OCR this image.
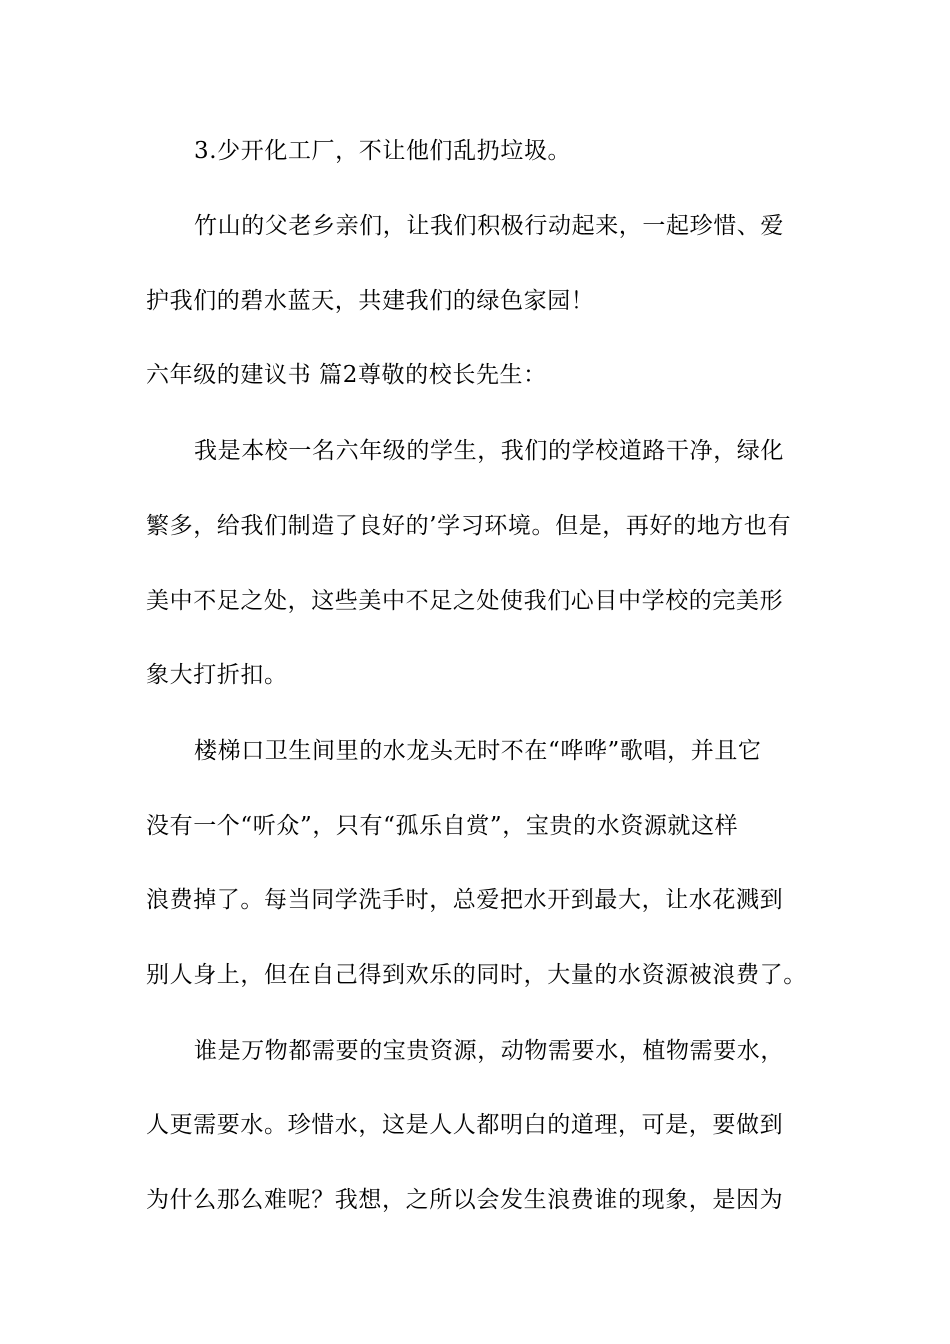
3.少开化工厂，不让他们乱扔垃圾。

竹山的父老乡亲们，让我们积极行动起来，一起珍惜、爱

护我们的碧水蓝天，共建我们的绿色家园！

六年级的建议书 篇2尊敬的校长先生：

我是本校一名六年级的学生，我们的学校道路干净，绿化

繁多，给我们制造了良好的’学习环境。但是，再好的地方也有

美中不足之处，这些美中不足之处使我们心目中学校的完美形

象大打折扣。

楼梯口卫生间里的水龙头无时不在“哗哗”歌唱，并且它

没有一个“听众”，只有“孤乐自赏”，宝贵的水资源就这样

浪费掉了。每当同学洗手时，总爱把水开到最大，让水花溅到

别人身上，但在自己得到欢乐的同时，大量的水资源被浪费了。

谁是万物都需要的宝贵资源，动物需要水，植物需要水，

人更需要水。珍惜水，这是人人都明白的道理，可是，要做到

为什么那么难呢？我想，之所以会发生浪费谁的现象，是因为
